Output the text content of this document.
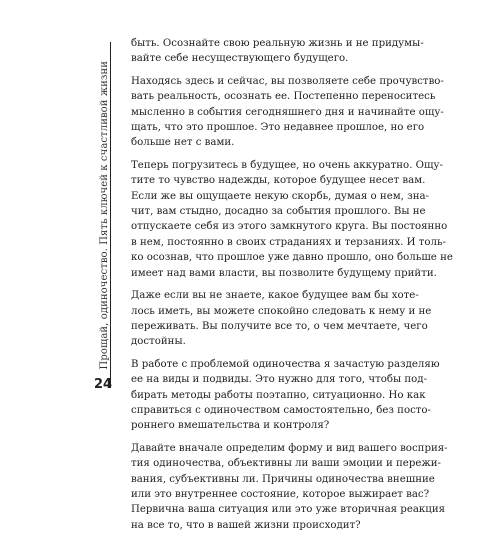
Прощай, одиночество. Пять ключей к счастливой жизни
24

быть. Осознайте свою реальную жизнь и не придумы-
вайте себе несуществующего будущего.

Находясь здесь и сейчас, вы позволяете себе прочувство-
вать реальность, осознать ее. Постепенно переноситесь
мысленно в события сегодняшнего дня и начинайте ощу-
щать, что это прошлое. Это недавнее прошлое, но его
больше нет с вами.

Теперь погрузитесь в будущее, но очень аккуратно. Ощу-
тите то чувство надежды, которое будущее несет вам.
Если же вы ощущаете некую скорбь, думая о нем, зна-
чит, вам стыдно, досадно за события прошлого. Вы не
отпускаете себя из этого замкнутого круга. Вы постоянно
в нем, постоянно в своих страданиях и терзаниях. И толь-
ко осознав, что прошлое уже давно прошло, оно больше не
имеет над вами власти, вы позволите будущему прийти.

Даже если вы не знаете, какое будущее вам бы хоте-
лось иметь, вы можете спокойно следовать к нему и не
переживать. Вы получите все то, о чем мечтаете, чего
достойны.

В работе с проблемой одиночества я зачастую разделяю
ее на виды и подвиды. Это нужно для того, чтобы под-
бирать методы работы поэтапно, ситуационно. Но как
справиться с одиночеством самостоятельно, без посто-
роннего вмешательства и контроля?

Давайте вначале определим форму и вид вашего восприя-
тия одиночества, объективны ли ваши эмоции и пережи-
вания, субъективны ли. Причины одиночества внешние
или это внутреннее состояние, которое выжирает вас?
Первична ваша ситуация или это уже вторичная реакция
на все то, что в вашей жизни происходит?
